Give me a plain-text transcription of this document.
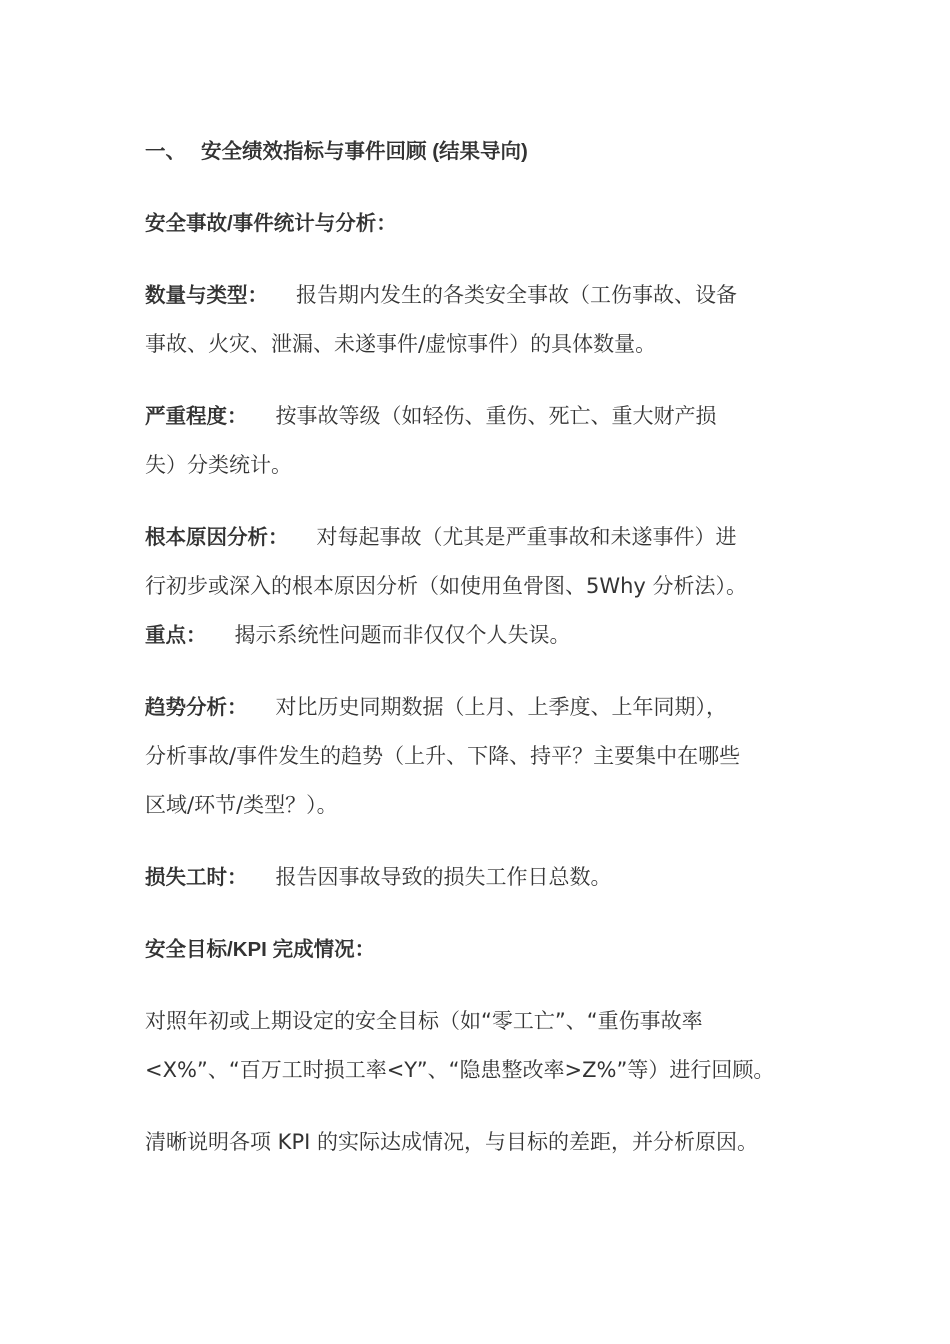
一、 安全绩效指标与事件回顾 (结果导向)
安全事故/事件统计与分析：
数量与类型： 报告期内发生的各类安全事故（工伤事故、设备
事故、火灾、泄漏、未遂事件/虚惊事件）的具体数量。
严重程度： 按事故等级（如轻伤、重伤、死亡、重大财产损
失）分类统计。
根本原因分析： 对每起事故（尤其是严重事故和未遂事件）进
行初步或深入的根本原因分析（如使用鱼骨图、5Why 分析法）。
重点： 揭示系统性问题而非仅仅个人失误。
趋势分析： 对比历史同期数据（上月、上季度、上年同期），
分析事故/事件发生的趋势（上升、下降、持平？主要集中在哪些
区域/环节/类型？）。
损失工时： 报告因事故导致的损失工作日总数。
安全目标/KPI 完成情况：
对照年初或上期设定的安全目标（如“零工亡”、“重伤事故率
<X%”、“百万工时损工率<Y”、“隐患整改率>Z%”等）进行回顾。
清晰说明各项 KPI 的实际达成情况，与目标的差距，并分析原因。
